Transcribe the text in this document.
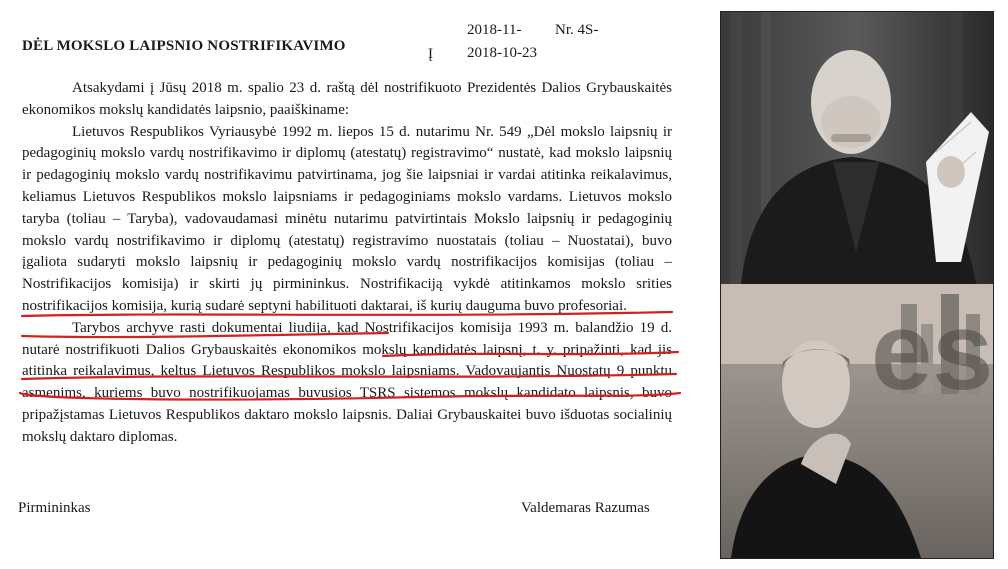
DĖL MOKSLO LAIPSNIO NOSTRIFIKAVIMO
2018-11- Nr. 4S-
Į 2018-10-23

Atsakydami į Jūsų 2018 m. spalio 23 d. raštą dėl nostrifikuoto Prezidentės Dalios Grybauskaitės ekonomikos mokslų kandidatės laipsnio, paaiškiname:

Lietuvos Respublikos Vyriausybė 1992 m. liepos 15 d. nutarimu Nr. 549 „Dėl mokslo laipsnių ir pedagoginių mokslo vardų nostrifikavimo ir diplomų (atestatų) registravimo“ nustatė, kad mokslo laipsnių ir pedagoginių mokslo vardų nostrifikavimu patvirtinama, jog šie laipsniai ir vardai atitinka reikalavimus, keliamus Lietuvos Respublikos mokslo laipsniams ir pedagoginiams mokslo vardams. Lietuvos mokslo taryba (toliau – Taryba), vadovaudamasi minėtu nutarimu patvirtintais Mokslo laipsnių ir pedagoginių mokslo vardų nostrifikavimo ir diplomų (atestatų) registravimo nuostatais (toliau – Nuostatai), buvo įgaliota sudaryti mokslo laipsnių ir pedagoginių mokslo vardų nostrifikacijos komisijas (toliau – Nostrifikacijos komisija) ir skirti jų pirmininkus. Nostrifikaciją vykdė atitinkamos mokslo srities nostrifikacijos komisija, kurią sudarė septyni habilituoti daktarai, iš kurių dauguma buvo profesoriai.

Tarybos archyve rasti dokumentai liudija, kad Nostrifikacijos komisija 1993 m. balandžio 19 d. nutarė nostrifikuoti Dalios Grybauskaitės ekonomikos mokslų kandidatės laipsnį, t. y. pripažinti, kad jis atitinka reikalavimus, keltus Lietuvos Respublikos mokslo laipsniams. Vadovaujantis Nuostatų 9 punktu asmenims, kuriems buvo nostrifikuojamas buvusios TSRS sistemos mokslų kandidato laipsnis, buvo pripažįstamas Lietuvos Respublikos daktaro mokslo laipsnis. Daliai Grybauskaitei buvo išduotas socialinių mokslų daktaro diplomas.

Pirmininkas	Valdemaras Razumas
es
